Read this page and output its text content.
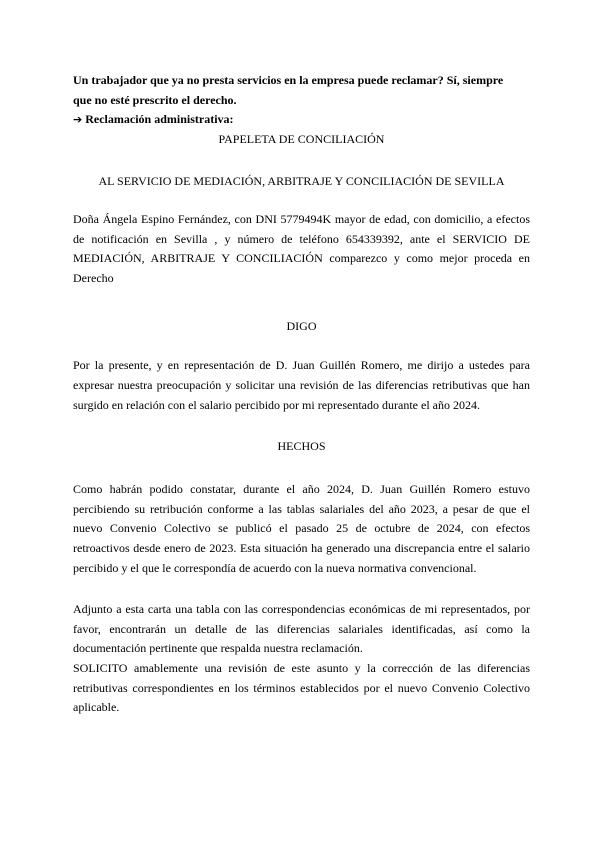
Un trabajador que ya no presta servicios en la empresa puede reclamar? Sí, siempre

que no esté prescrito el derecho.

➔ Reclamación administrativa:

PAPELETA DE CONCILIACIÓN

AL SERVICIO DE MEDIACIÓN, ARBITRAJE Y CONCILIACIÓN DE SEVILLA

Doña Ángela Espino Fernández, con DNI 5779494K mayor de edad, con domicilio, a efectos de notificación en Sevilla , y número de teléfono 654339392, ante el SERVICIO DE MEDIACIÓN, ARBITRAJE Y CONCILIACIÓN comparezco y como mejor proceda en Derecho

DIGO

Por la presente, y en representación de D. Juan Guillén Romero, me dirijo a ustedes para expresar nuestra preocupación y solicitar una revisión de las diferencias retributivas que han surgido en relación con el salario percibido por mi representado durante el año 2024.

HECHOS

Como habrán podido constatar, durante el año 2024, D. Juan Guillén Romero estuvo percibiendo su retribución conforme a las tablas salariales del año 2023, a pesar de que el nuevo Convenio Colectivo se publicó el pasado 25 de octubre de 2024, con efectos retroactivos desde enero de 2023. Esta situación ha generado una discrepancia entre el salario percibido y el que le correspondía de acuerdo con la nueva normativa convencional.

Adjunto a esta carta una tabla con las correspondencias económicas de mi representados, por favor, encontrarán un detalle de las diferencias salariales identificadas, así como la documentación pertinente que respalda nuestra reclamación.

SOLICITO amablemente una revisión de este asunto y la corrección de las diferencias retributivas correspondientes en los términos establecidos por el nuevo Convenio Colectivo aplicable.
